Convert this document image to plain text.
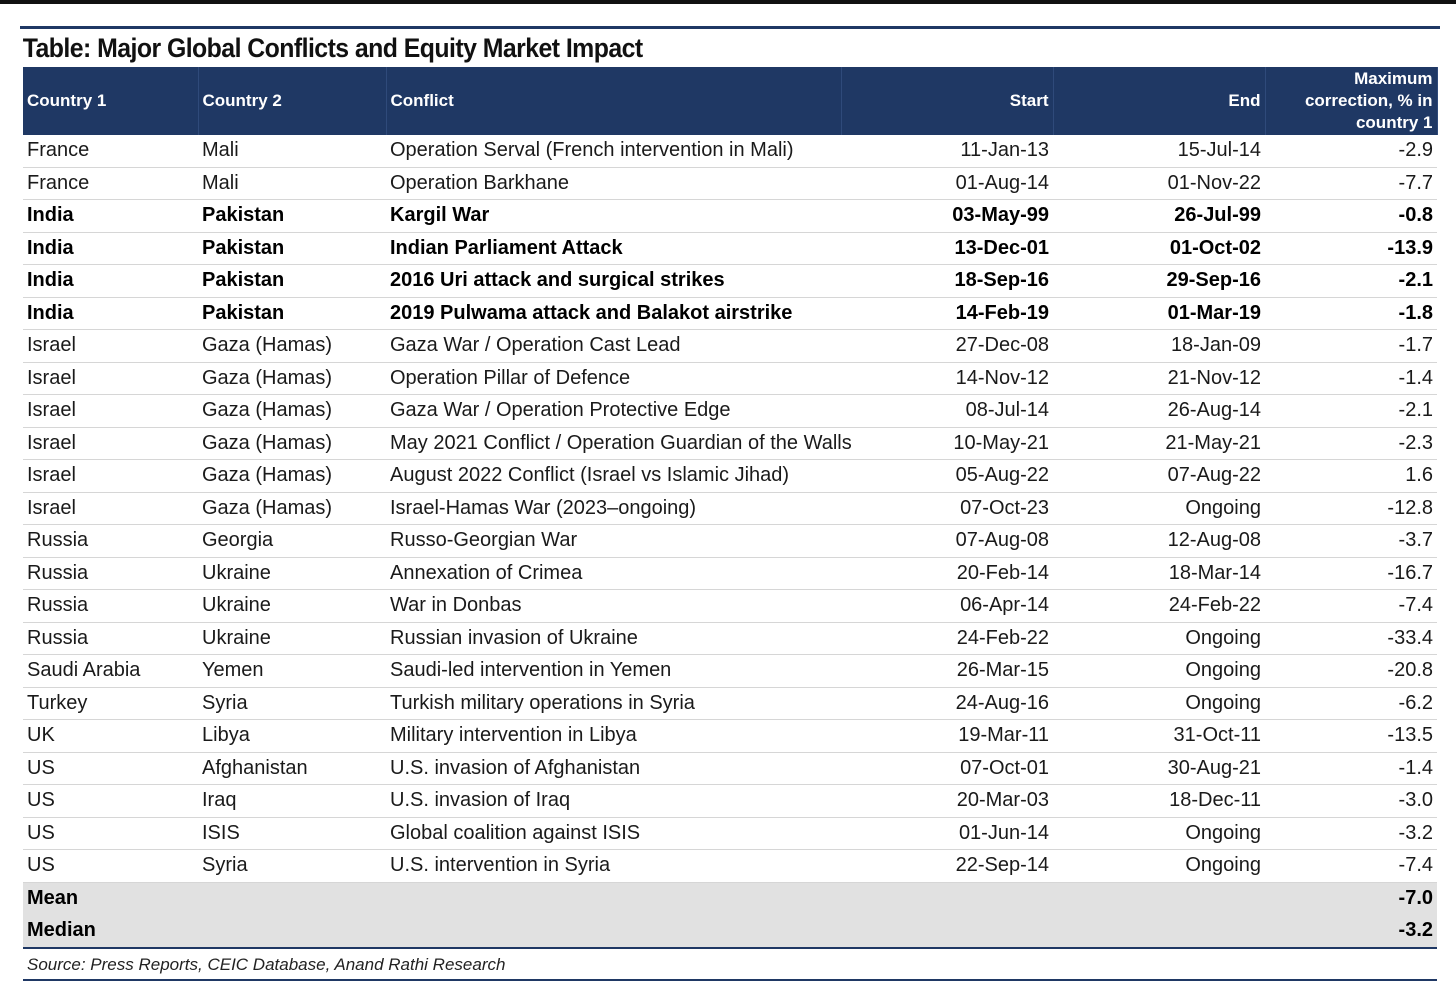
Table: Major Global Conflicts and Equity Market Impact
Country 1	Country 2	Conflict	Start	End	Maximum correction, % in country 1
France	Mali	Operation Serval (French intervention in Mali)	11-Jan-13	15-Jul-14	-2.9
France	Mali	Operation Barkhane	01-Aug-14	01-Nov-22	-7.7
India	Pakistan	Kargil War	03-May-99	26-Jul-99	-0.8
India	Pakistan	Indian Parliament Attack	13-Dec-01	01-Oct-02	-13.9
India	Pakistan	2016 Uri attack and surgical strikes	18-Sep-16	29-Sep-16	-2.1
India	Pakistan	2019 Pulwama attack and Balakot airstrike	14-Feb-19	01-Mar-19	-1.8
Israel	Gaza (Hamas)	Gaza War / Operation Cast Lead	27-Dec-08	18-Jan-09	-1.7
Israel	Gaza (Hamas)	Operation Pillar of Defence	14-Nov-12	21-Nov-12	-1.4
Israel	Gaza (Hamas)	Gaza War / Operation Protective Edge	08-Jul-14	26-Aug-14	-2.1
Israel	Gaza (Hamas)	May 2021 Conflict / Operation Guardian of the Walls	10-May-21	21-May-21	-2.3
Israel	Gaza (Hamas)	August 2022 Conflict (Israel vs Islamic Jihad)	05-Aug-22	07-Aug-22	1.6
Israel	Gaza (Hamas)	Israel-Hamas War (2023–ongoing)	07-Oct-23	Ongoing	-12.8
Russia	Georgia	Russo-Georgian War	07-Aug-08	12-Aug-08	-3.7
Russia	Ukraine	Annexation of Crimea	20-Feb-14	18-Mar-14	-16.7
Russia	Ukraine	War in Donbas	06-Apr-14	24-Feb-22	-7.4
Russia	Ukraine	Russian invasion of Ukraine	24-Feb-22	Ongoing	-33.4
Saudi Arabia	Yemen	Saudi-led intervention in Yemen	26-Mar-15	Ongoing	-20.8
Turkey	Syria	Turkish military operations in Syria	24-Aug-16	Ongoing	-6.2
UK	Libya	Military intervention in Libya	19-Mar-11	31-Oct-11	-13.5
US	Afghanistan	U.S. invasion of Afghanistan	07-Oct-01	30-Aug-21	-1.4
US	Iraq	U.S. invasion of Iraq	20-Mar-03	18-Dec-11	-3.0
US	ISIS	Global coalition against ISIS	01-Jun-14	Ongoing	-3.2
US	Syria	U.S. intervention in Syria	22-Sep-14	Ongoing	-7.4
Mean					-7.0
Median					-3.2
Source: Press Reports, CEIC Database, Anand Rathi Research
